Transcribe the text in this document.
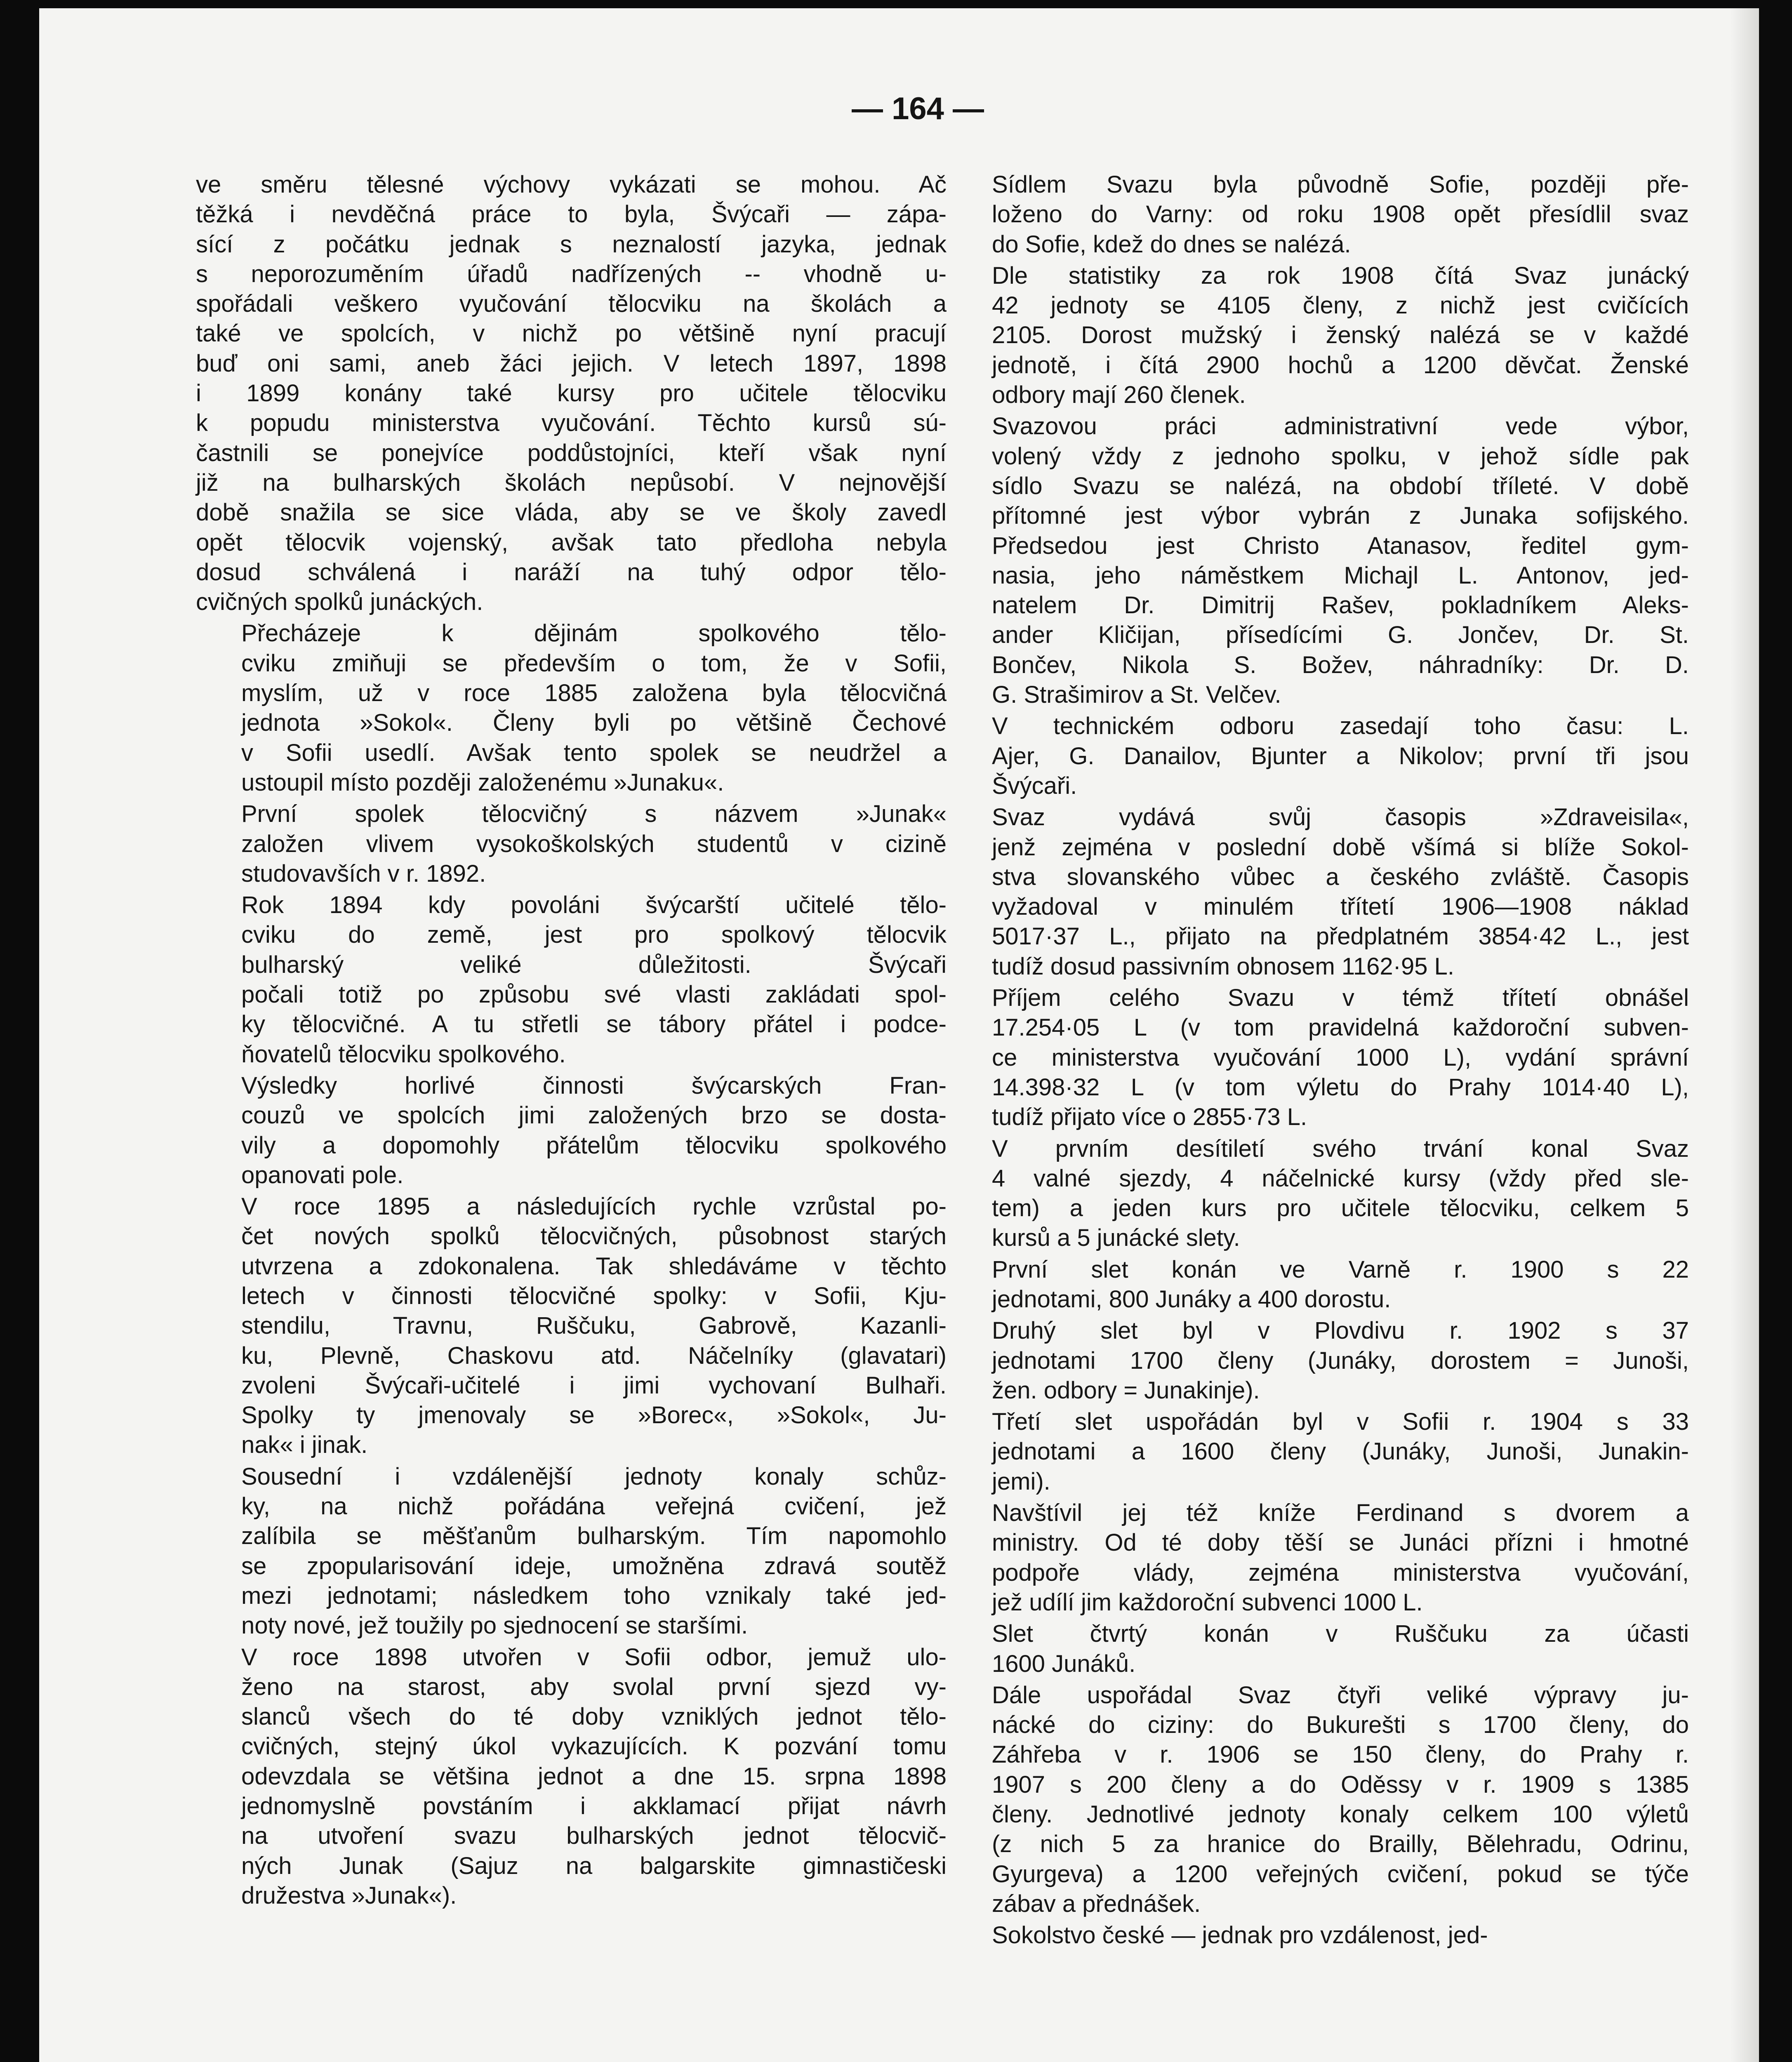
— 164 —
ve směru tělesné výchovy vykázati se mohou. Ač
těžká i nevděčná práce to byla, Švýcaři — zápa-
sící z počátku jednak s neznalostí jazyka, jednak
s neporozuměním úřadů nadřízených -- vhodně u-
spořádali veškero vyučování tělocviku na školách a
také ve spolcích, v nichž po většině nyní pracují
buď oni sami, aneb žáci jejich. V letech 1897, 1898
i 1899 konány také kursy pro učitele tělocviku
k popudu ministerstva vyučování. Těchto kursů sú-
častnili se ponejvíce poddůstojníci, kteří však nyní
již na bulharských školách nepůsobí. V nejnovější
době snažila se sice vláda, aby se ve školy zavedl
opět tělocvik vojenský, avšak tato předloha nebyla
dosud schválená i naráží na tuhý odpor tělo-
cvičných spolků junáckých.
Přecházeje k dějinám spolkového tělo-
cviku zmiňuji se především o tom, že v Sofii,
myslím, už v roce 1885 založena byla tělocvičná
jednota »Sokol«. Členy byli po většině Čechové
v Sofii usedlí. Avšak tento spolek se neudržel a
ustoupil místo později založenému »Junaku«.
První spolek tělocvičný s názvem »Junak«
založen vlivem vysokoškolských studentů v cizině
studovavších v r. 1892.
Rok 1894 kdy povoláni švýcarští učitelé tělo-
cviku do země, jest pro spolkový tělocvik
bulharský veliké důležitosti. Švýcaři
počali totiž po způsobu své vlasti zakládati spol-
ky tělocvičné. A tu střetli se tábory přátel i podce-
ňovatelů tělocviku spolkového.
Výsledky horlivé činnosti švýcarských Fran-
couzů ve spolcích jimi založených brzo se dosta-
vily a dopomohly přátelům tělocviku spolkového
opanovati pole.
V roce 1895 a následujících rychle vzrůstal po-
čet nových spolků tělocvičných, působnost starých
utvrzena a zdokonalena. Tak shledáváme v těchto
letech v činnosti tělocvičné spolky: v Sofii, Kju-
stendilu, Travnu, Ruščuku, Gabrově, Kazanli-
ku, Plevně, Chaskovu atd. Náčelníky (glavatari)
zvoleni Švýcaři-učitelé i jimi vychovaní Bulhaři.
Spolky ty jmenovaly se »Borec«, »Sokol«, Ju-
nak« i jinak.
Sousední i vzdálenější jednoty konaly schůz-
ky, na nichž pořádána veřejná cvičení, jež
zalíbila se měšťanům bulharským. Tím napomohlo
se zpopularisování ideje, umožněna zdravá soutěž
mezi jednotami; následkem toho vznikaly také jed-
noty nové, jež toužily po sjednocení se staršími.
V roce 1898 utvořen v Sofii odbor, jemuž ulo-
ženo na starost, aby svolal první sjezd vy-
slanců všech do té doby vzniklých jednot tělo-
cvičných, stejný úkol vykazujících. K pozvání tomu
odevzdala se většina jednot a dne 15. srpna 1898
jednomyslně povstáním i akklamací přijat návrh
na utvoření svazu bulharských jednot tělocvič-
ných Junak (Sajuz na balgarskite gimnastičeski
družestva »Junak«).
Sídlem Svazu byla původně Sofie, později pře-
loženo do Varny: od roku 1908 opět přesídlil svaz
do Sofie, kdež do dnes se nalézá.
Dle statistiky za rok 1908 čítá Svaz junácký
42 jednoty se 4105 členy, z nichž jest cvičících
2105. Dorost mužský i ženský nalézá se v každé
jednotě, i čítá 2900 hochů a 1200 děvčat. Ženské
odbory mají 260 členek.
Svazovou práci administrativní vede výbor,
volený vždy z jednoho spolku, v jehož sídle pak
sídlo Svazu se nalézá, na období tříleté. V době
přítomné jest výbor vybrán z Junaka sofijského.
Předsedou jest Christo Atanasov, ředitel gym-
nasia, jeho náměstkem Michajl L. Antonov, jed-
natelem Dr. Dimitrij Rašev, pokladníkem Aleks-
ander Kličijan, přísedícími G. Jončev, Dr. St.
Bončev, Nikola S. Božev, náhradníky: Dr. D.
G. Strašimirov a St. Velčev.
V technickém odboru zasedají toho času: L.
Ajer, G. Danailov, Bjunter a Nikolov; první tři jsou
Švýcaři.
Svaz vydává svůj časopis »Zdraveisila«,
jenž zejména v poslední době všímá si blíže Sokol-
stva slovanského vůbec a českého zvláště. Časopis
vyžadoval v minulém třítetí 1906—1908 náklad
5017·37 L., přijato na předplatném 3854·42 L., jest
tudíž dosud passivním obnosem 1162·95 L.
Příjem celého Svazu v témž třítetí obnášel
17.254·05 L (v tom pravidelná každoroční subven-
ce ministerstva vyučování 1000 L), vydání správní
14.398·32 L (v tom výletu do Prahy 1014·40 L),
tudíž přijato více o 2855·73 L.
V prvním desítiletí svého trvání konal Svaz
4 valné sjezdy, 4 náčelnické kursy (vždy před sle-
tem) a jeden kurs pro učitele tělocviku, celkem 5
kursů a 5 junácké slety.
První slet konán ve Varně r. 1900 s 22
jednotami, 800 Junáky a 400 dorostu.
Druhý slet byl v Plovdivu r. 1902 s 37
jednotami 1700 členy (Junáky, dorostem = Junoši,
žen. odbory = Junakinje).
Třetí slet uspořádán byl v Sofii r. 1904 s 33
jednotami a 1600 členy (Junáky, Junoši, Junakin-
jemi).
Navštívil jej též kníže Ferdinand s dvorem a
ministry. Od té doby těší se Junáci přízni i hmotné
podpoře vlády, zejména ministerstva vyučování,
jež udílí jim každoroční subvenci 1000 L.
Slet čtvrtý konán v Ruščuku za účasti
1600 Junáků.
Dále uspořádal Svaz čtyři veliké výpravy ju-
nácké do ciziny: do Bukurešti s 1700 členy, do
Záhřeba v r. 1906 se 150 členy, do Prahy r.
1907 s 200 členy a do Oděssy v r. 1909 s 1385
členy. Jednotlivé jednoty konaly celkem 100 výletů
(z nich 5 za hranice do Brailly, Bělehradu, Odrinu,
Gyurgeva) a 1200 veřejných cvičení, pokud se týče
zábav a přednášek.
Sokolstvo české — jednak pro vzdálenost, jed-
